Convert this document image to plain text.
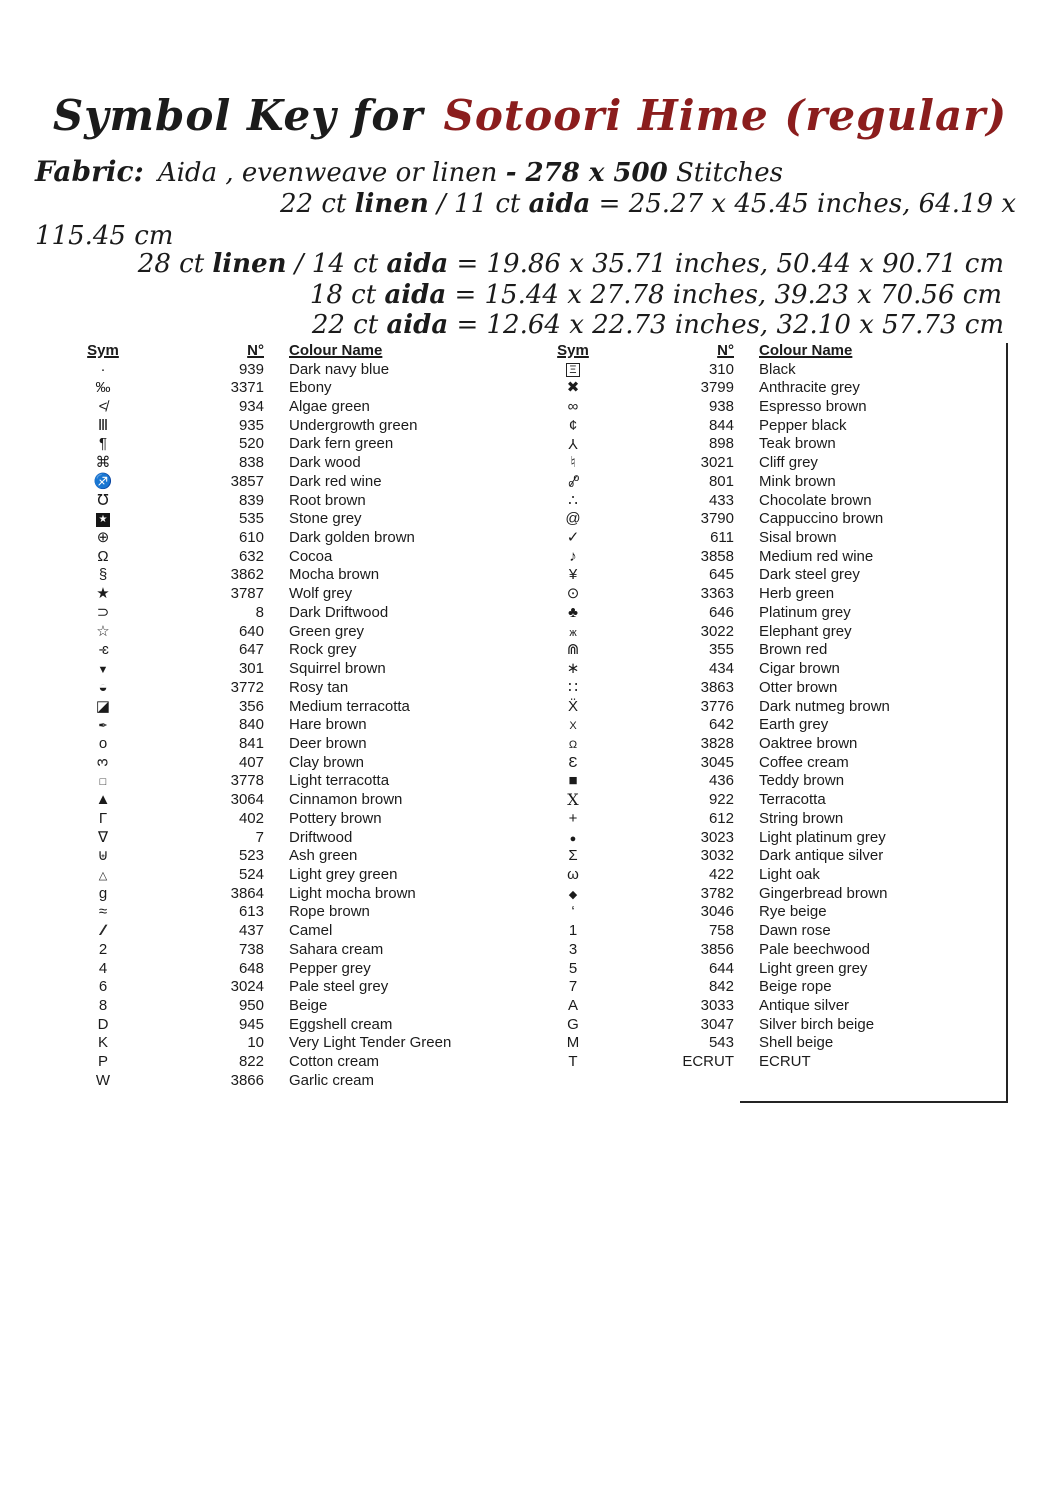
Symbol Key for Sotoori Hime (regular)
Fabric: Aida , evenweave or linen - 278 x 500 Stitches
22 ct linen / 11 ct aida = 25.27 x 45.45 inches, 64.19 x
115.45 cm
28 ct linen / 14 ct aida = 19.86 x 35.71 inches, 50.44 x 90.71 cm
18 ct aida = 15.44 x 27.78 inches, 39.23 x 70.56 cm
22 ct aida = 12.64 x 22.73 inches, 32.10 x 57.73 cm
Sym	N°	Colour Name
·	939	Dark navy blue
‰	3371	Ebony
≮	934	Algae green
Ⅲ	935	Undergrowth green
¶	520	Dark fern green
⌘	838	Dark wood
♐	3857	Dark red wine
℧	839	Root brown
★	535	Stone grey
⊕	610	Dark golden brown
Ω	632	Cocoa
§	3862	Mocha brown
★	3787	Wolf grey
⊃	8	Dark Driftwood
☆	640	Green grey
-ɛ	647	Rock grey
▼	301	Squirrel brown
◒	3772	Rosy tan
◪	356	Medium terracotta
✒	840	Hare brown
o	841	Deer brown
3	407	Clay brown
□	3778	Light terracotta
▲	3064	Cinnamon brown
Γ	402	Pottery brown
∇	7	Driftwood
⊎	523	Ash green
△	524	Light grey green
g	3864	Light mocha brown
≈	613	Rope brown
∕∕	437	Camel
2	738	Sahara cream
4	648	Pepper grey
6	3024	Pale steel grey
8	950	Beige
D	945	Eggshell cream
K	10	Very Light Tender Green
P	822	Cotton cream
W	3866	Garlic cream
Sym	N°	Colour Name
Ξ	310	Black
✖	3799	Anthracite grey
∞	938	Espresso brown
¢	844	Pepper black
Y	898	Teak brown
♮	3021	Cliff grey
ₒ⁄º	801	Mink brown
∴	433	Chocolate brown
@	3790	Cappuccino brown
✓	611	Sisal brown
♪	3858	Medium red wine
¥	645	Dark steel grey
⊙	3363	Herb green
♣	646	Platinum grey
ж	3022	Elephant grey
⋒	355	Brown red
∗	434	Cigar brown
∷	3863	Otter brown
Ẍ	3776	Dark nutmeg brown
X	642	Earth grey
Ω	3828	Oaktree brown
Ɛ	3045	Coffee cream
■	436	Teddy brown
X	922	Terracotta
+	612	String brown
●	3023	Light platinum grey
Σ	3032	Dark antique silver
ω	422	Light oak
◆	3782	Gingerbread brown
‘	3046	Rye beige
1	758	Dawn rose
3	3856	Pale beechwood
5	644	Light green grey
7	842	Beige rope
A	3033	Antique silver
G	3047	Silver birch beige
M	543	Shell beige
T	ECRUT	ECRUT
